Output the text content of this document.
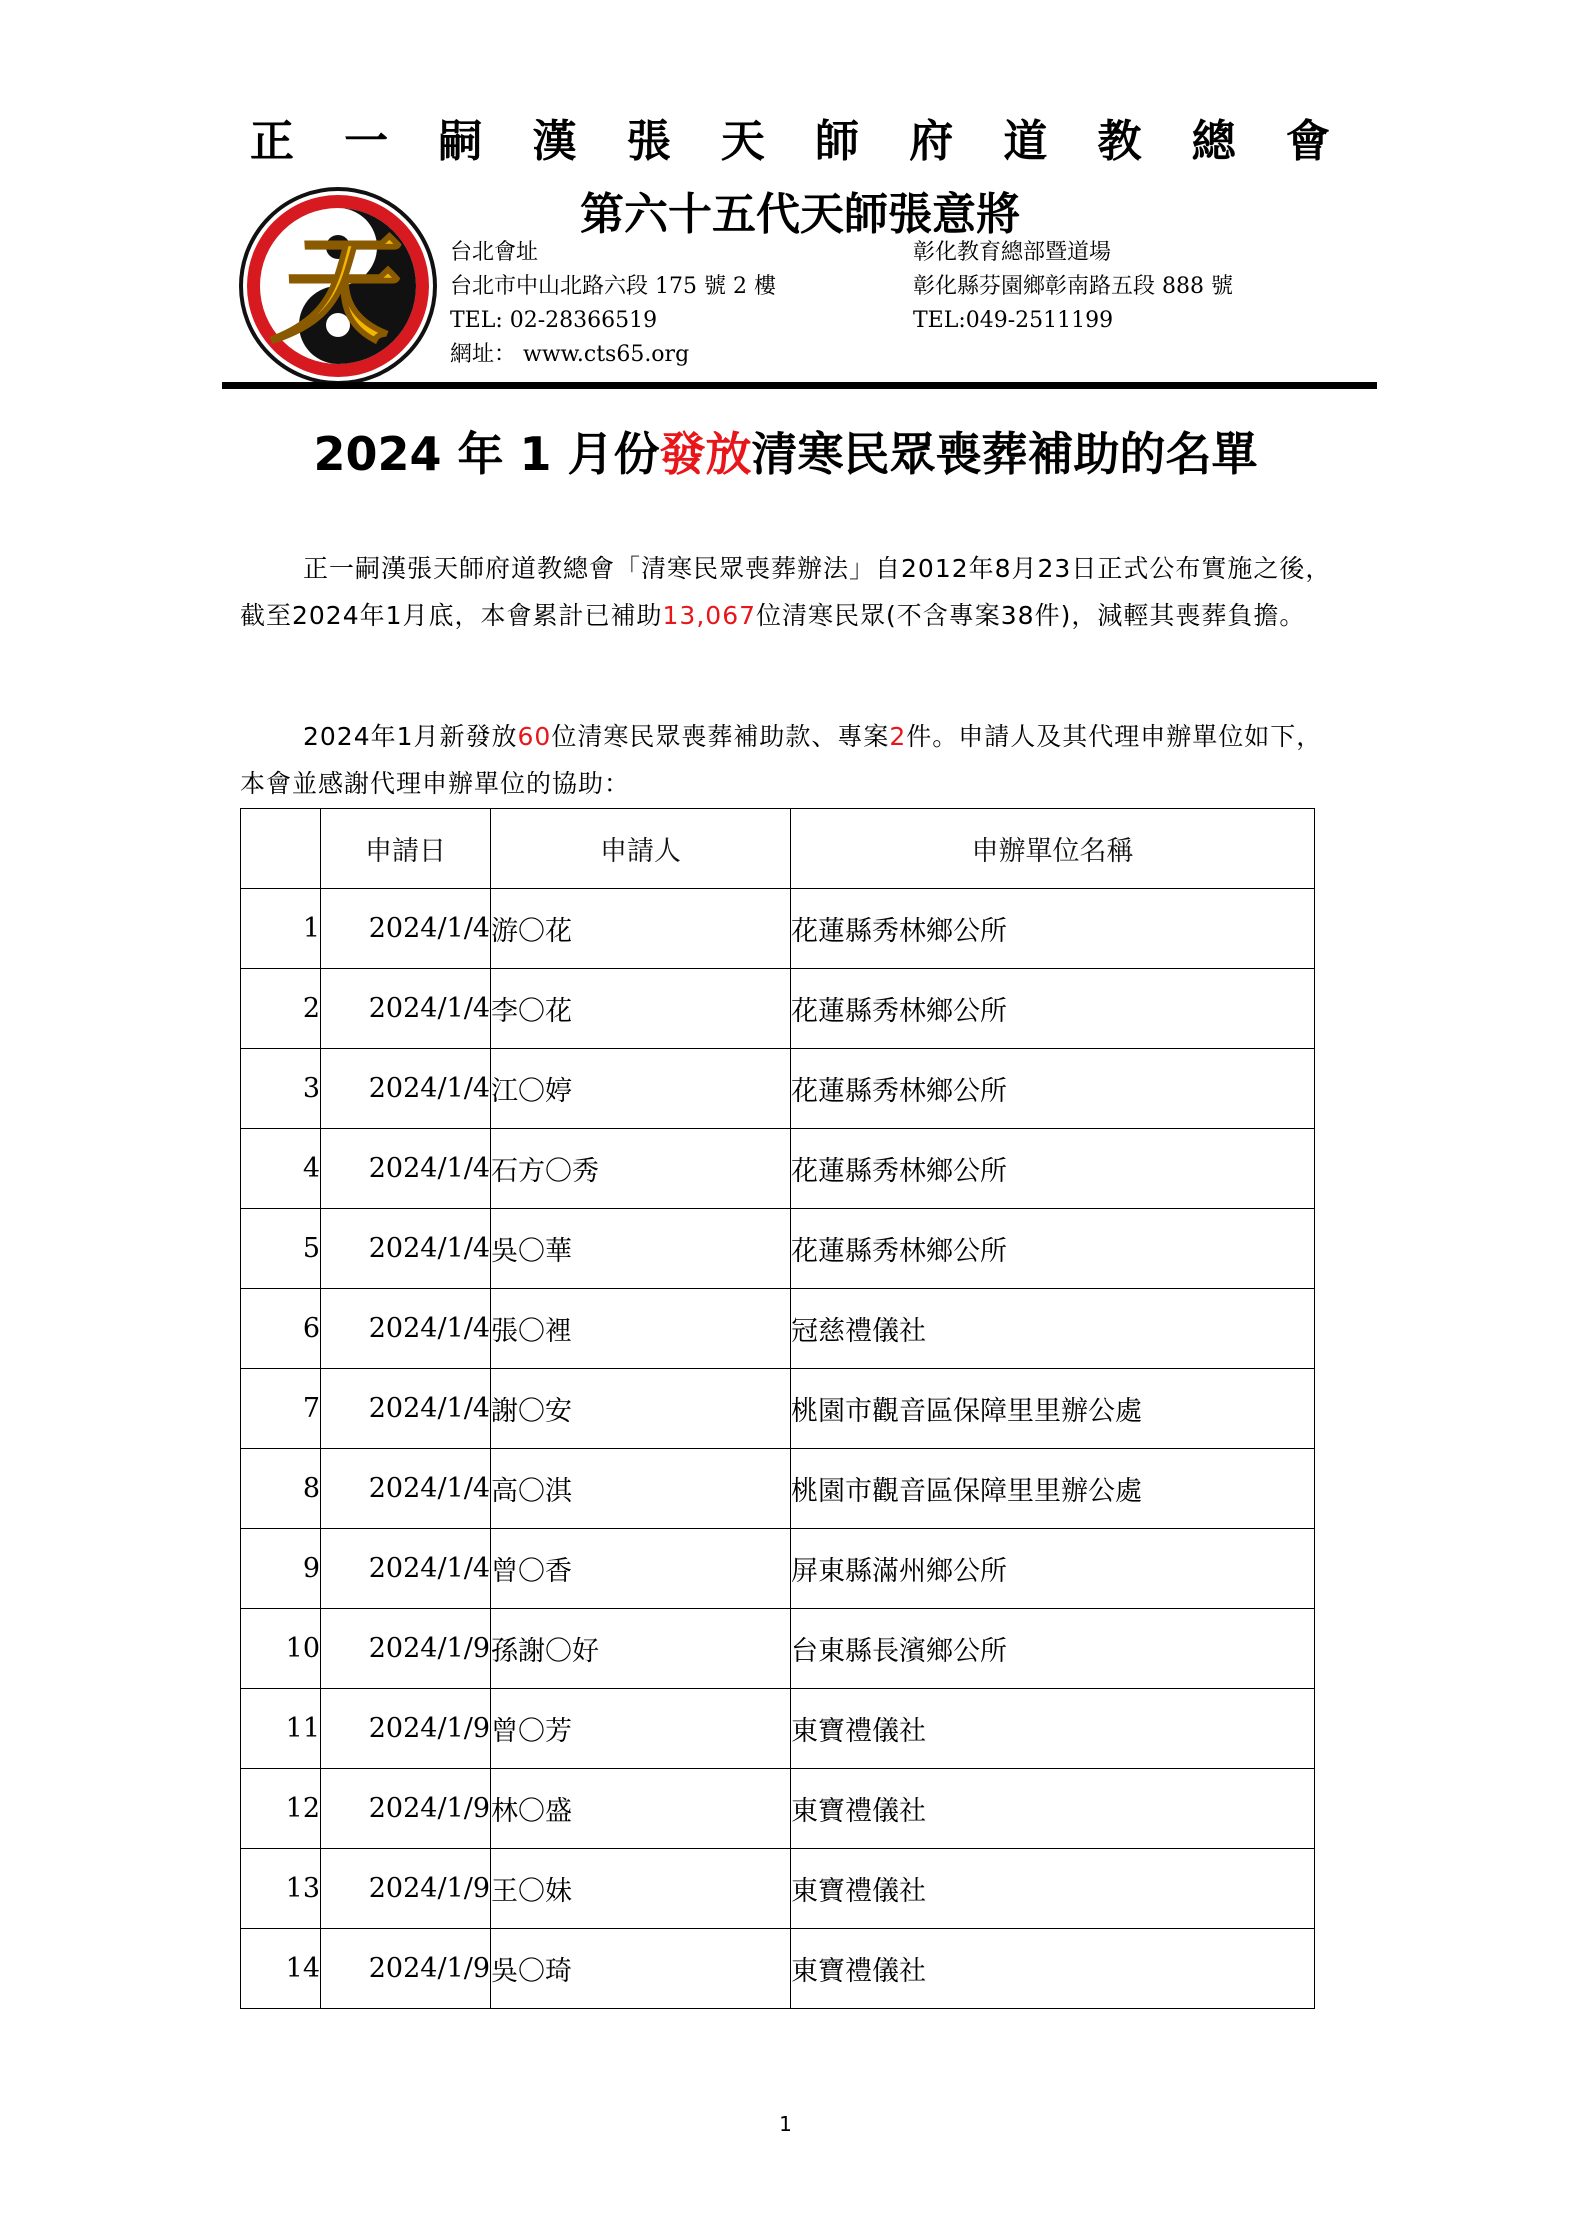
正 一 嗣 漢 張 天 師 府 道 教 總 會
天
第六十五代天師張意將
台北會址
台北市中山北路六段 175 號 2 樓
TEL: 02-28366519
網址： www.cts65.org
彰化教育總部暨道場
彰化縣芬園鄉彰南路五段 888 號
TEL:049-2511199
2024 年 1 月份發放清寒民眾喪葬補助的名單
正一嗣漢張天師府道教總會「清寒民眾喪葬辦法」自2012年8月23日正式公布實施之後，截至2024年1月底，本會累計已補助13,067位清寒民眾(不含專案38件)，減輕其喪葬負擔。
2024年1月新發放60位清寒民眾喪葬補助款、專案2件。申請人及其代理申辦單位如下，本會並感謝代理申辦單位的協助：
	申請日	申請人	申辦單位名稱
1	2024/1/4	游〇花	花蓮縣秀林鄉公所
2	2024/1/4	李〇花	花蓮縣秀林鄉公所
3	2024/1/4	江〇婷	花蓮縣秀林鄉公所
4	2024/1/4	石方〇秀	花蓮縣秀林鄉公所
5	2024/1/4	吳〇華	花蓮縣秀林鄉公所
6	2024/1/4	張〇裡	冠慈禮儀社
7	2024/1/4	謝〇安	桃園市觀音區保障里里辦公處
8	2024/1/4	高〇淇	桃園市觀音區保障里里辦公處
9	2024/1/4	曾〇香	屏東縣滿州鄉公所
10	2024/1/9	孫謝〇好	台東縣長濱鄉公所
11	2024/1/9	曾〇芳	東寶禮儀社
12	2024/1/9	林〇盛	東寶禮儀社
13	2024/1/9	王〇妹	東寶禮儀社
14	2024/1/9	吳〇琦	東寶禮儀社
1
